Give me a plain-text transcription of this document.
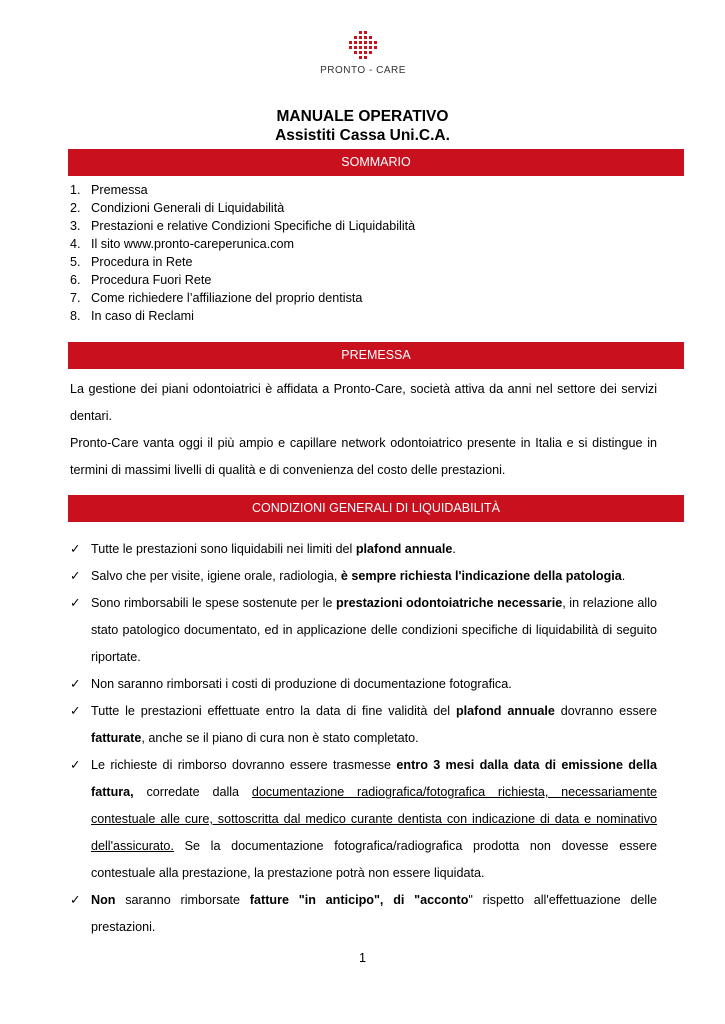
PRONTO - CARE
MANUALE OPERATIVO
Assistiti Cassa Uni.C.A.
SOMMARIO
1. Premessa
2. Condizioni Generali di Liquidabilità
3. Prestazioni e relative Condizioni Specifiche di Liquidabilità
4. Il sito www.pronto-careperunica.com
5. Procedura in Rete
6. Procedura Fuori Rete
7. Come richiedere l’affiliazione del proprio dentista
8. In caso di Reclami
PREMESSA

La gestione dei piani odontoiatrici è affidata a Pronto-Care, società attiva da anni nel settore dei servizi dentari.

Pronto-Care vanta oggi il più ampio e capillare network odontoiatrico presente in Italia e si distingue in termini di massimi livelli di qualità e di convenienza del costo delle prestazioni.

CONDIZIONI GENERALI DI LIQUIDABILITÀ
✓ Tutte le prestazioni sono liquidabili nei limiti del plafond annuale.
✓ Salvo che per visite, igiene orale, radiologia, è sempre richiesta l'indicazione della patologia.
✓ Sono rimborsabili le spese sostenute per le prestazioni odontoiatriche necessarie, in relazione allo stato patologico documentato, ed in applicazione delle condizioni specifiche di liquidabilità di seguito riportate.
✓ Non saranno rimborsati i costi di produzione di documentazione fotografica.
✓ Tutte le prestazioni effettuate entro la data di fine validità del plafond annuale dovranno essere fatturate, anche se il piano di cura non è stato completato.
✓ Le richieste di rimborso dovranno essere trasmesse entro 3 mesi dalla data di emissione della fattura, corredate dalla documentazione radiografica/fotografica richiesta, necessariamente contestuale alle cure, sottoscritta dal medico curante dentista con indicazione di data e nominativo dell'assicurato. Se la documentazione fotografica/radiografica prodotta non dovesse essere contestuale alla prestazione, la prestazione potrà non essere liquidata.
✓ Non saranno rimborsate fatture "in anticipo", di "acconto" rispetto all'effettuazione delle prestazioni.
1
